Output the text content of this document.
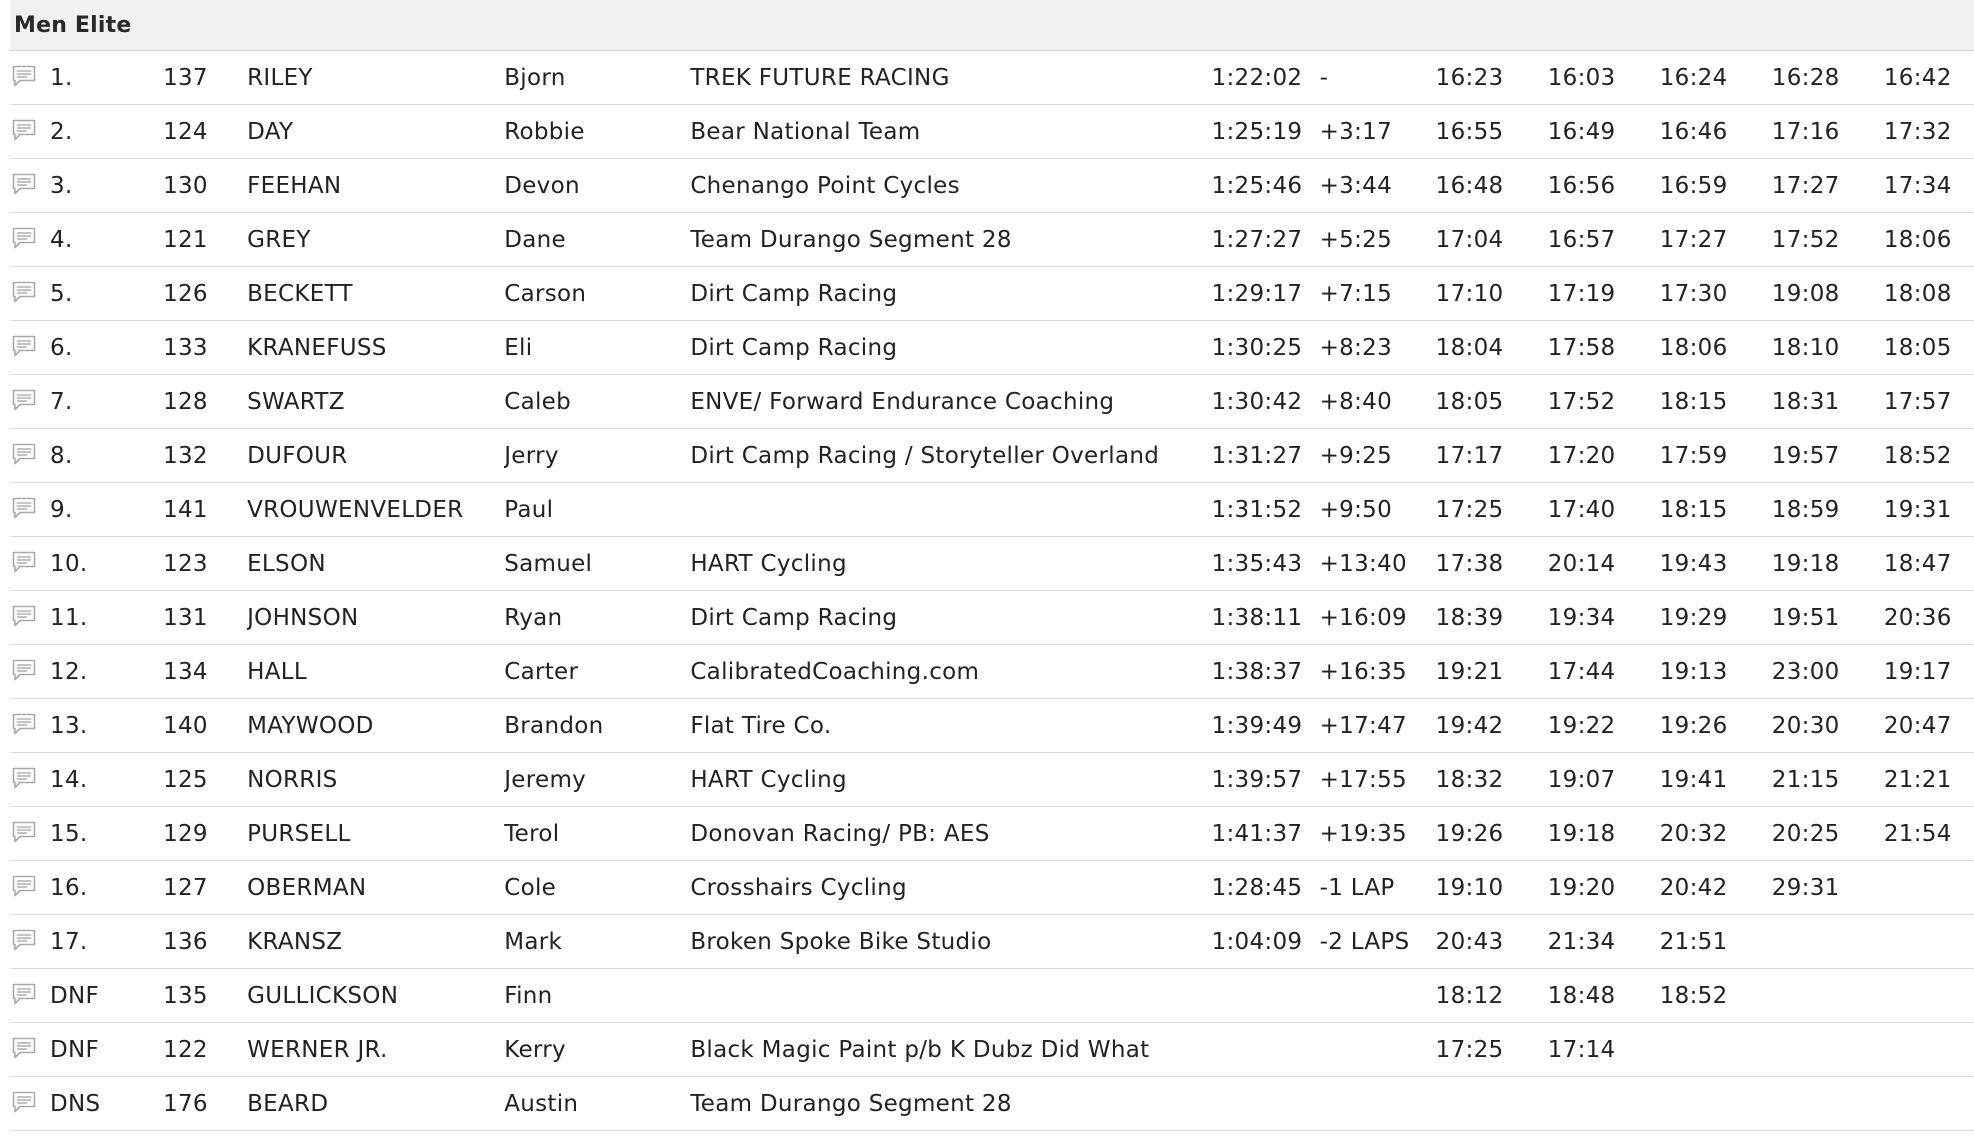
Men Elite
	1.	137	RILEY	Bjorn	TREK FUTURE RACING	1:22:02	-	16:23	16:03	16:24	16:28	16:42

	2.	124	DAY	Robbie	Bear National Team	1:25:19	+3:17	16:55	16:49	16:46	17:16	17:32

	3.	130	FEEHAN	Devon	Chenango Point Cycles	1:25:46	+3:44	16:48	16:56	16:59	17:27	17:34

	4.	121	GREY	Dane	Team Durango Segment 28	1:27:27	+5:25	17:04	16:57	17:27	17:52	18:06

	5.	126	BECKETT	Carson	Dirt Camp Racing	1:29:17	+7:15	17:10	17:19	17:30	19:08	18:08

	6.	133	KRANEFUSS	Eli	Dirt Camp Racing	1:30:25	+8:23	18:04	17:58	18:06	18:10	18:05

	7.	128	SWARTZ	Caleb	ENVE/ Forward Endurance Coaching	1:30:42	+8:40	18:05	17:52	18:15	18:31	17:57

	8.	132	DUFOUR	Jerry	Dirt Camp Racing / Storyteller Overland	1:31:27	+9:25	17:17	17:20	17:59	19:57	18:52

	9.	141	VROUWENVELDER	Paul		1:31:52	+9:50	17:25	17:40	18:15	18:59	19:31

	10.	123	ELSON	Samuel	HART Cycling	1:35:43	+13:40	17:38	20:14	19:43	19:18	18:47

	11.	131	JOHNSON	Ryan	Dirt Camp Racing	1:38:11	+16:09	18:39	19:34	19:29	19:51	20:36

	12.	134	HALL	Carter	CalibratedCoaching.com	1:38:37	+16:35	19:21	17:44	19:13	23:00	19:17

	13.	140	MAYWOOD	Brandon	Flat Tire Co.	1:39:49	+17:47	19:42	19:22	19:26	20:30	20:47

	14.	125	NORRIS	Jeremy	HART Cycling	1:39:57	+17:55	18:32	19:07	19:41	21:15	21:21

	15.	129	PURSELL	Terol	Donovan Racing/ PB: AES	1:41:37	+19:35	19:26	19:18	20:32	20:25	21:54

	16.	127	OBERMAN	Cole	Crosshairs Cycling	1:28:45	-1 LAP	19:10	19:20	20:42	29:31	

	17.	136	KRANSZ	Mark	Broken Spoke Bike Studio	1:04:09	-2 LAPS	20:43	21:34	21:51		

	DNF	135	GULLICKSON	Finn				18:12	18:48	18:52		

	DNF	122	WERNER JR.	Kerry	Black Magic Paint p/b K Dubz Did What			17:25	17:14			

	DNS	176	BEARD	Austin	Team Durango Segment 28							
